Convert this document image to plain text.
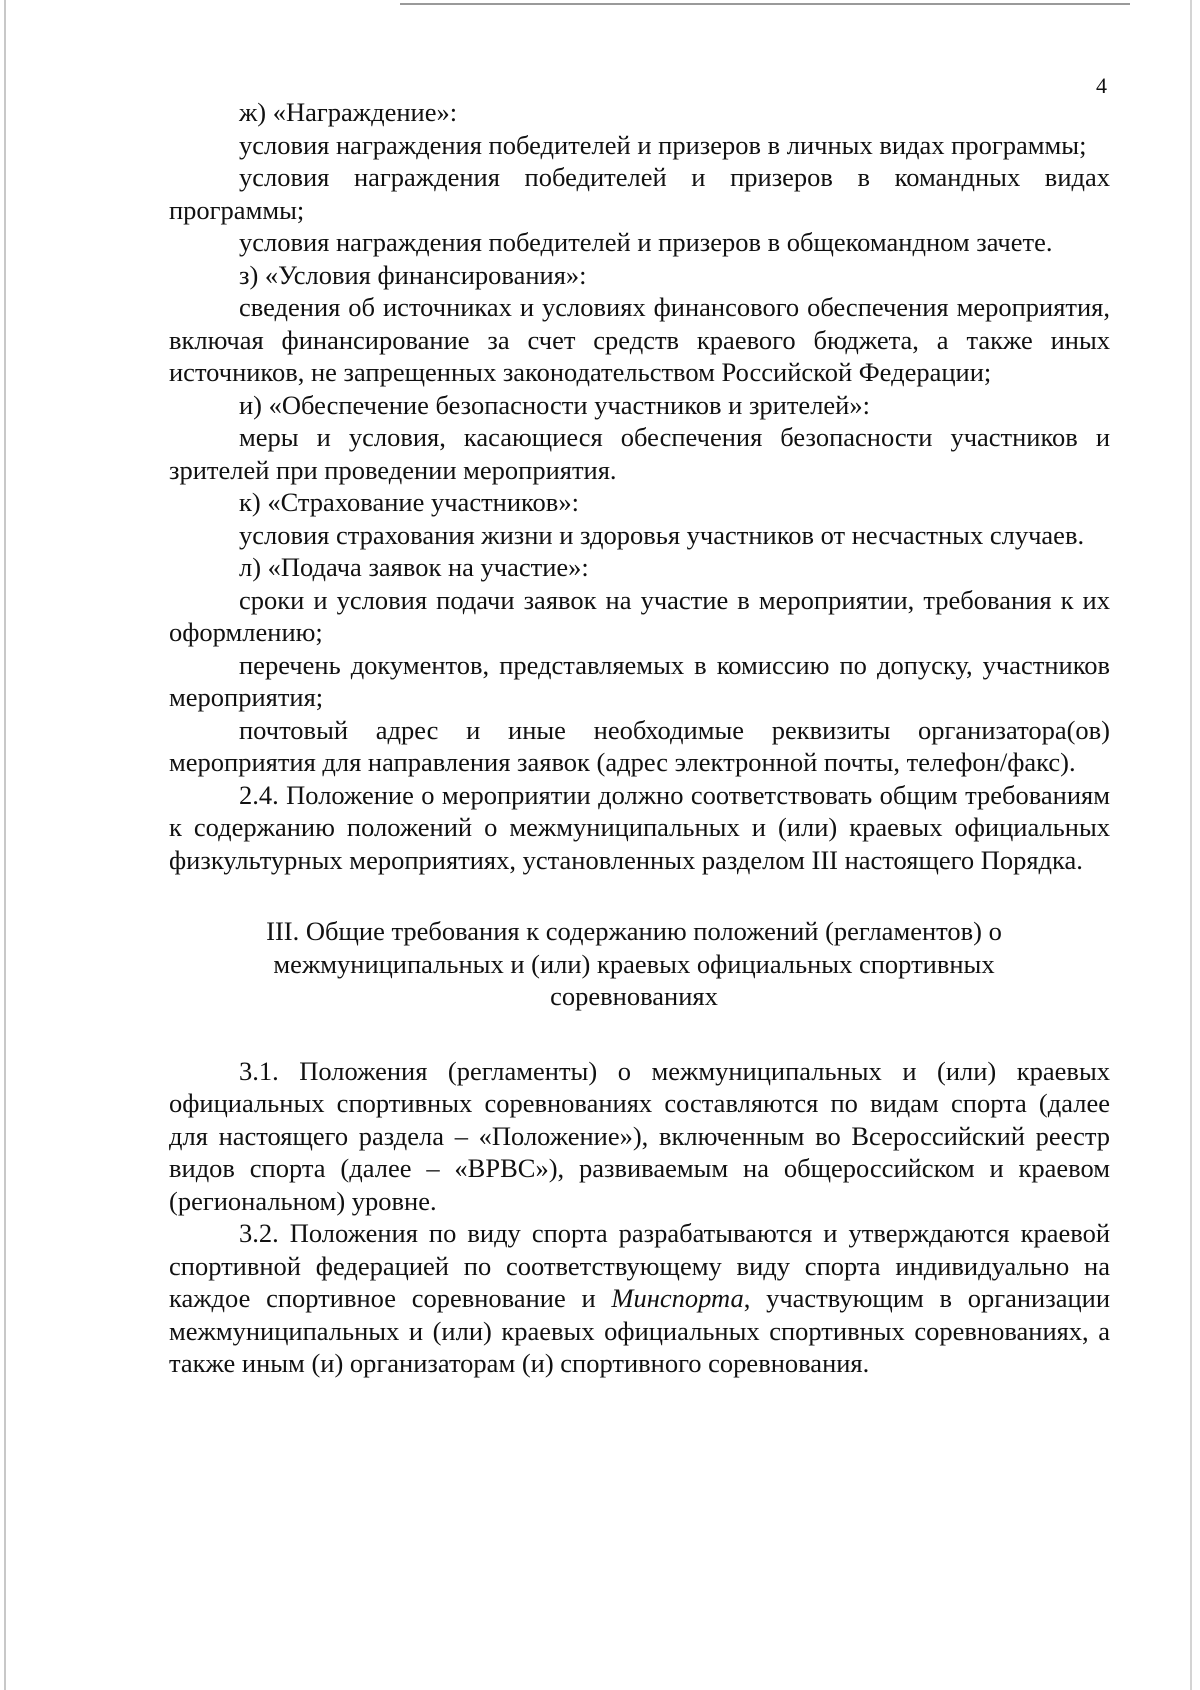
4

ж) «Награждение»:

условия награждения победителей и призеров в личных видах программы;

условия награждения победителей и призеров в командных видах программы;

условия награждения победителей и призеров в общекомандном зачете.

з) «Условия финансирования»:

сведения об источниках и условиях финансового обеспечения мероприятия, включая финансирование за счет средств краевого бюджета, а также иных источников, не запрещенных законодательством Российской Федерации;

и) «Обеспечение безопасности участников и зрителей»:

меры и условия, касающиеся обеспечения безопасности участников и зрителей при проведении мероприятия.

к) «Страхование участников»:

условия страхования жизни и здоровья участников от несчастных случаев.

л) «Подача заявок на участие»:

сроки и условия подачи заявок на участие в мероприятии, требования к их оформлению;

перечень документов, представляемых в комиссию по допуску, участников мероприятия;

почтовый адрес и иные необходимые реквизиты организатора(ов) мероприятия для направления заявок (адрес электронной почты, телефон/факс).

2.4. Положение о мероприятии должно соответствовать общим требованиям к содержанию положений о межмуниципальных и (или) краевых официальных физкультурных мероприятиях, установленных разделом III настоящего Порядка.

III. Общие требования к содержанию положений (регламентов) о

межмуниципальных и (или) краевых официальных спортивных

соревнованиях

3.1. Положения (регламенты) о межмуниципальных и (или) краевых официальных спортивных соревнованиях составляются по видам спорта (далее для настоящего раздела – «Положение»), включенным во Всероссийский реестр видов спорта (далее – «ВРВС»), развиваемым на общероссийском и краевом (региональном) уровне.

3.2. Положения по виду спорта разрабатываются и утверждаются краевой спортивной федерацией по соответствующему виду спорта индивидуально на каждое спортивное соревнование и Минспорта, участвующим в организации межмуниципальных и (или) краевых официальных спортивных соревнованиях, а также иным (и) организаторам (и) спортивного соревнования.
